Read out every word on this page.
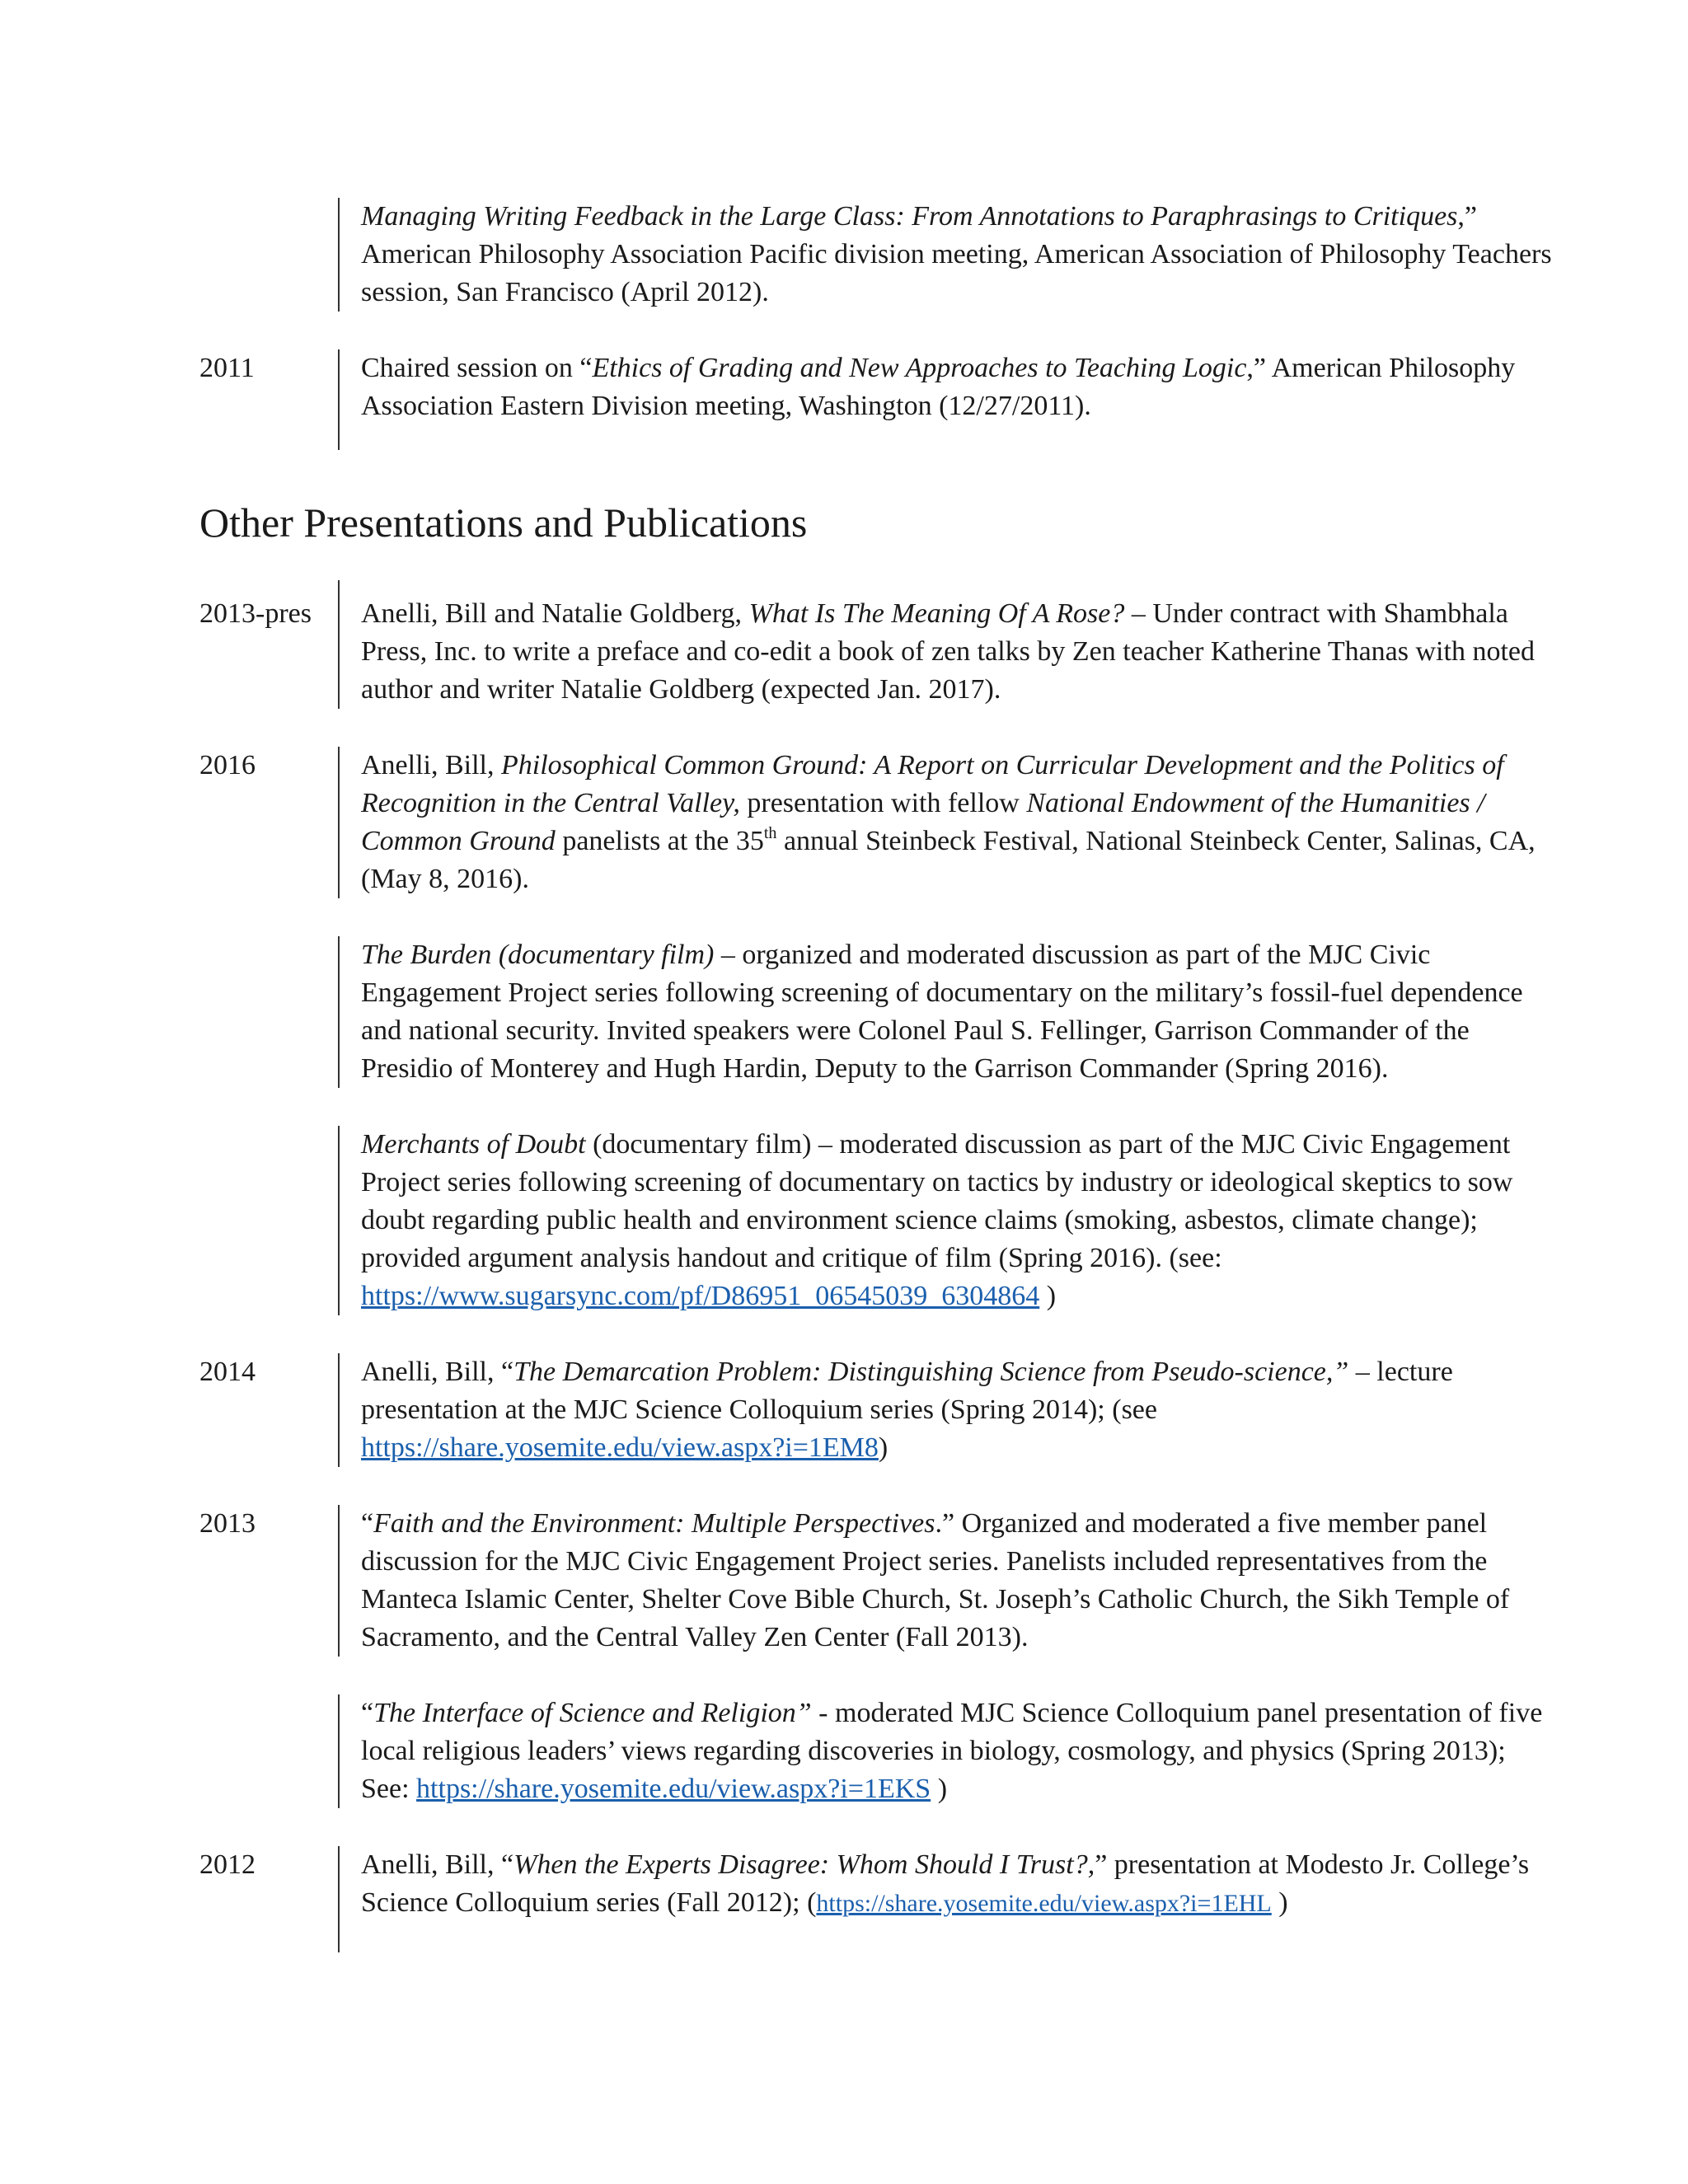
Managing Writing Feedback in the Large Class: From Annotations to Paraphrasings to Critiques,” American Philosophy Association Pacific division meeting, American Association of Philosophy Teachers session, San Francisco (April 2012).
2011	Chaired session on “Ethics of Grading and New Approaches to Teaching Logic,” American Philosophy Association Eastern Division meeting, Washington (12/27/2011).
Other Presentations and Publications
2013-pres	Anelli, Bill and Natalie Goldberg, What Is The Meaning Of A Rose? – Under contract with Shambhala Press, Inc. to write a preface and co-edit a book of zen talks by Zen teacher Katherine Thanas with noted author and writer Natalie Goldberg (expected Jan. 2017).
2016	Anelli, Bill, Philosophical Common Ground: A Report on Curricular Development and the Politics of Recognition in the Central Valley, presentation with fellow National Endowment of the Humanities / Common Ground panelists at the 35th annual Steinbeck Festival, National Steinbeck Center, Salinas, CA, (May 8, 2016).
The Burden (documentary film) – organized and moderated discussion as part of the MJC Civic Engagement Project series following screening of documentary on the military’s fossil-fuel dependence and national security. Invited speakers were Colonel Paul S. Fellinger, Garrison Commander of the Presidio of Monterey and Hugh Hardin, Deputy to the Garrison Commander (Spring 2016).
Merchants of Doubt (documentary film) – moderated discussion as part of the MJC Civic Engagement Project series following screening of documentary on tactics by industry or ideological skeptics to sow doubt regarding public health and environment science claims (smoking, asbestos, climate change); provided argument analysis handout and critique of film (Spring 2016). (see: https://www.sugarsync.com/pf/D86951_06545039_6304864 )
2014	Anelli, Bill, “The Demarcation Problem: Distinguishing Science from Pseudo-science,” – lecture presentation at the MJC Science Colloquium series (Spring 2014); (see https://share.yosemite.edu/view.aspx?i=1EM8)
2013	“Faith and the Environment: Multiple Perspectives.” Organized and moderated a five member panel discussion for the MJC Civic Engagement Project series. Panelists included representatives from the Manteca Islamic Center, Shelter Cove Bible Church, St. Joseph’s Catholic Church, the Sikh Temple of Sacramento, and the Central Valley Zen Center (Fall 2013).
“The Interface of Science and Religion” - moderated MJC Science Colloquium panel presentation of five local religious leaders’ views regarding discoveries in biology, cosmology, and physics (Spring 2013); See: https://share.yosemite.edu/view.aspx?i=1EKS )
2012	Anelli, Bill, “When the Experts Disagree: Whom Should I Trust?,” presentation at Modesto Jr. College’s Science Colloquium series (Fall 2012); (https://share.yosemite.edu/view.aspx?i=1EHL )
